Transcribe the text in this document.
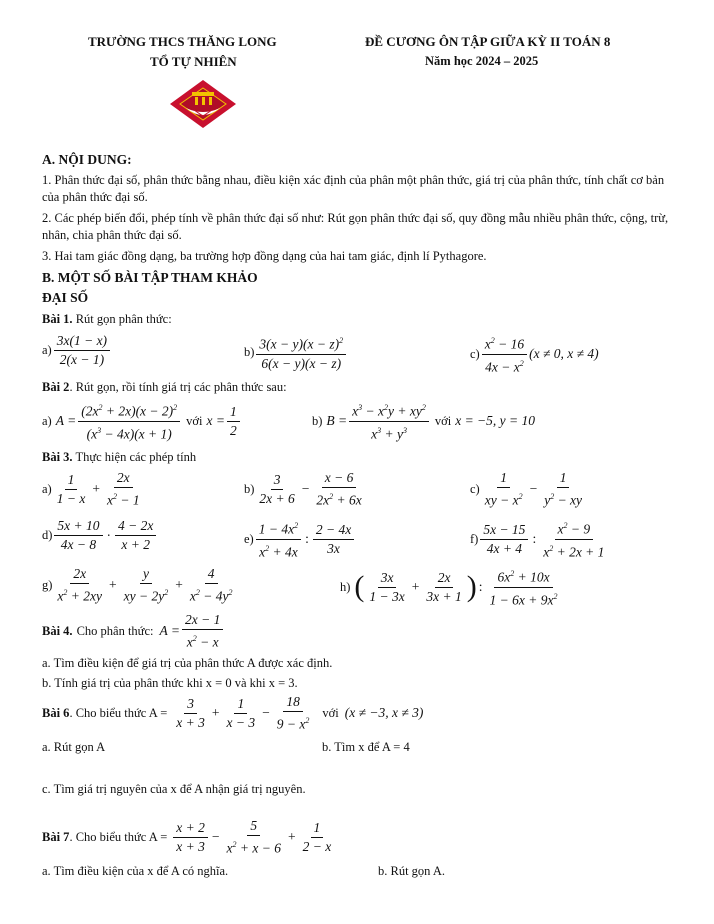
TRƯỜNG THCS THĂNG LONG
TỔ TỰ NHIÊN
ĐỀ CƯƠNG ÔN TẬP GIỮA KỲ II TOÁN 8
Năm học 2024 – 2025
A. NỘI DUNG:
1. Phân thức đại số, phân thức bằng nhau, điều kiện xác định của phân một phân thức, giá trị của phân thức, tính chất cơ bản của phân thức đại số.
2. Các phép biến đổi, phép tính về phân thức đại số như: Rút gọn phân thức đại số, quy đồng mẫu nhiều phân thức, cộng, trừ, nhân, chia phân thức đại số.
3. Hai tam giác đồng dạng, ba trường hợp đồng dạng của hai tam giác, định lí Pythagore.
B. MỘT SỐ BÀI TẬP THAM KHẢO
ĐẠI SỐ
Bài 1. Rút gọn phân thức:
$a) \frac{3x(1 - x)}{2(x - 1)}$	$b) \frac{3(x - y)(x - z)^2}{6(x - y)(x - z)}$	$c) \frac{x^2 - 16}{4x - x^2} (x \ne 0$, x ≠ 4)
Bài 2. Rút gọn, rồi tính giá trị các phân thức sau:
a) $A = \frac{(2x^2 + 2x)(x - 2)^2}{(x^3 - 4x)(x + 1)}$ với $x = \frac{1}{2}$	b) $B = \frac{x^3 - x^2y + xy^2}{x^3 + y^3}$ với x = −5, y = 10
Bài 3. Thực hiện các phép tính
$a) \frac{1}{1 - x} + \frac{2x}{x^2 - 1}$	$b) \frac{3}{2x + 6} - \frac{x - 6}{2x^2 + 6x}$	$c) \frac{1}{xy - x^2} - \frac{1}{y^2 - xy}$
$d) \frac{5x + 10}{4x - 8} \cdot \frac{4 - 2x}{x + 2}$	$e) \frac{1 - 4x^2}{x^2 + 4x}$ : $\frac{2 - 4x}{3x}$	$f) \frac{5x - 15}{4x + 4}$ : $\frac{x^2 - 9}{x^2 + 2x + 1}$
$g) \frac{2x}{x^2 + 2xy} + \frac{y}{xy - 2y^2} + \frac{4}{x^2 - 4y^2}$	h) ( $\frac{3x}{1 - 3x} + \frac{2x}{3x + 1}$ ) : $\frac{6x^2 + 10x}{1 - 6x + 9x^2}$
Bài 4. Cho phân thức: $A = \frac{2x - 1}{x^2 - x}$
a. Tìm điều kiện để giá trị của phân thức A được xác định.
b. Tính giá trị của phân thức khi x = 0 và khi x = 3.
Bài 6 . Cho biểu thức $A = \frac{3}{x + 3} + \frac{1}{x - 3} - \frac{18}{9 - x^2}$ với (x ≠ −3, x ≠ 3)
a. Rút gọn A	b. Tìm x để A = 4
c. Tìm giá trị nguyên của x để A nhận giá trị nguyên.
Bài 7 . Cho biểu thức $A = \frac{x + 2}{x + 3} - \frac{5}{x^2 + x - 6} + \frac{1}{2 - x}$
a. Tìm điều kiện của x để A có nghĩa.	b. Rút gọn A.
